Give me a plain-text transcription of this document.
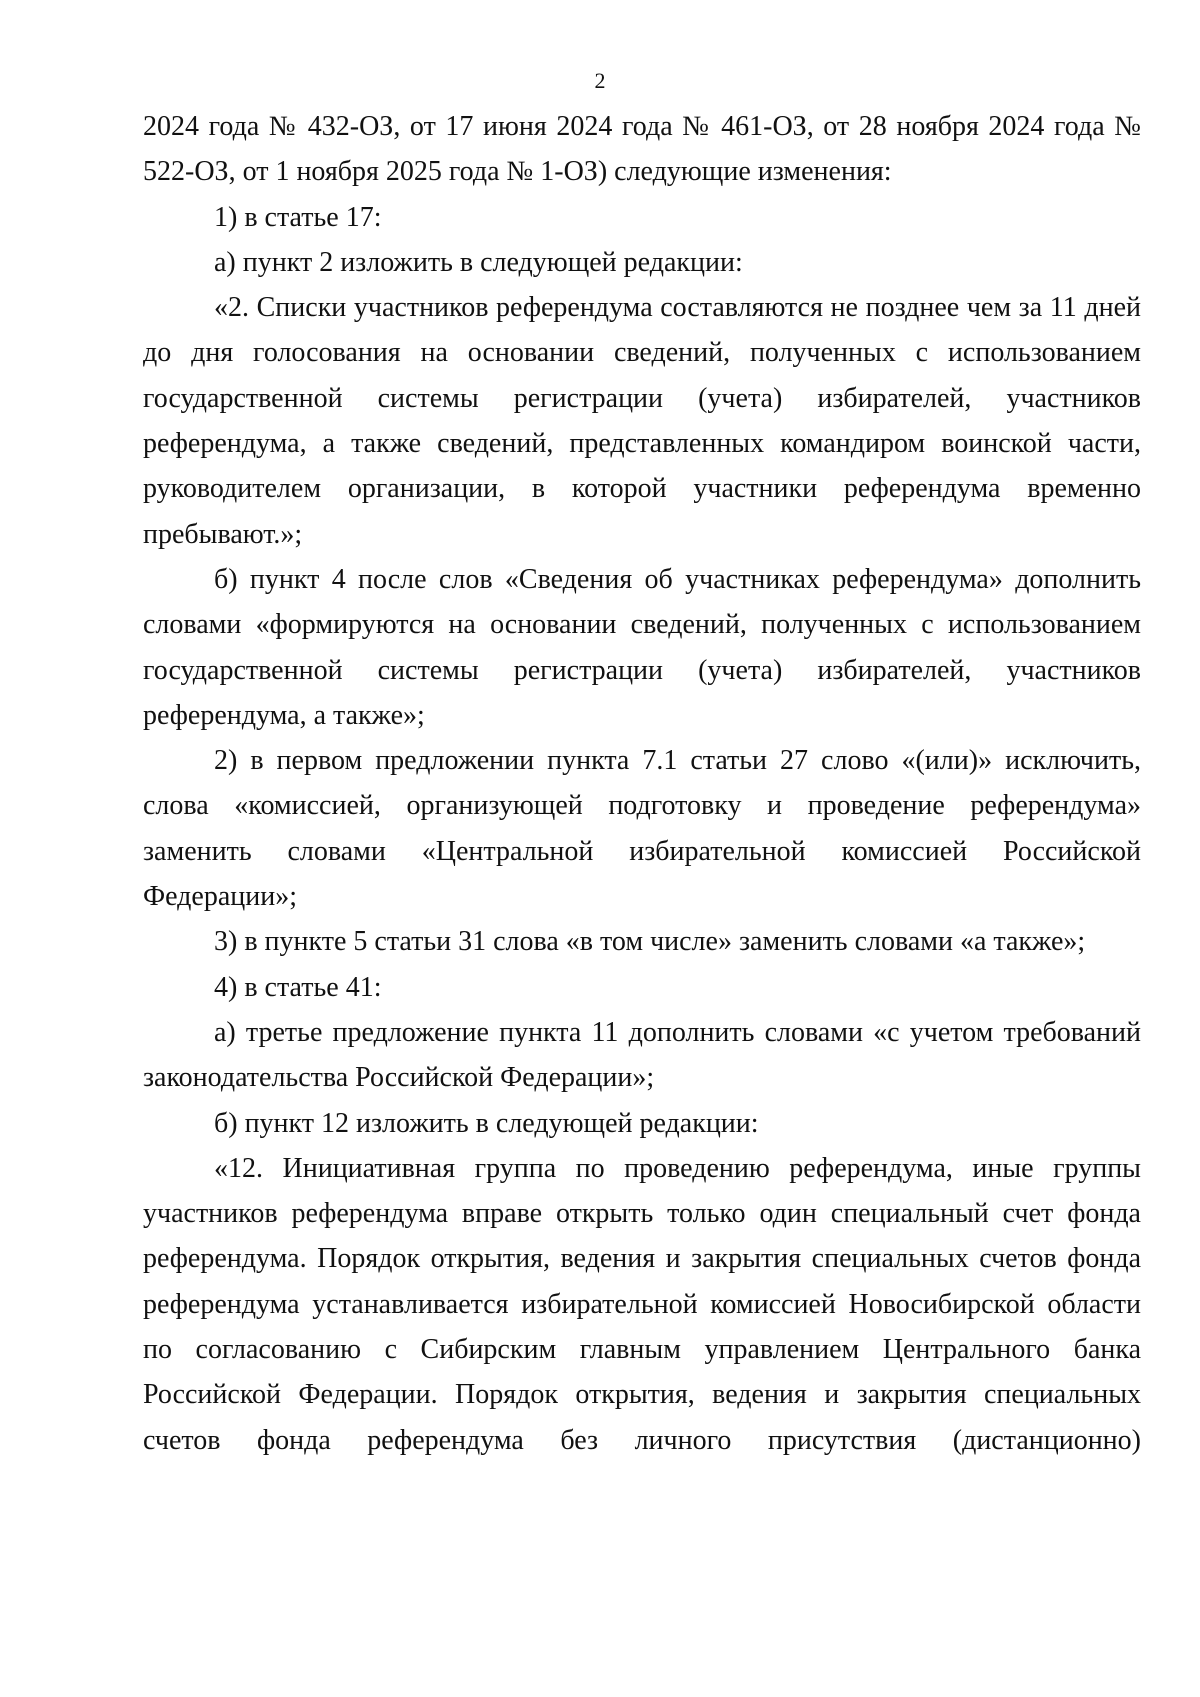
2

2024 года № 432-ОЗ, от 17 июня 2024 года № 461-ОЗ, от 28 ноября 2024 года № 522-ОЗ, от 1 ноября 2025 года № 1-ОЗ) следующие изменения:

1) в статье 17:

а) пункт 2 изложить в следующей редакции:

«2. Списки участников референдума составляются не позднее чем за 11 дней до дня голосования на основании сведений, полученных с использованием государственной системы регистрации (учета) избирателей, участников референдума, а также сведений, представленных командиром воинской части, руководителем организации, в которой участники референдума временно пребывают.»;

б) пункт 4 после слов «Сведения об участниках референдума» дополнить словами «формируются на основании сведений, полученных с использованием государственной системы регистрации (учета) избирателей, участников референдума, а также»;

2) в первом предложении пункта 7.1 статьи 27 слово «(или)» исключить, слова «комиссией, организующей подготовку и проведение референдума» заменить словами «Центральной избирательной комиссией Российской Федерации»;

3) в пункте 5 статьи 31 слова «в том числе» заменить словами «а также»;

4) в статье 41:

а) третье предложение пункта 11 дополнить словами «с учетом требований законодательства Российской Федерации»;

б) пункт 12 изложить в следующей редакции:

«12. Инициативная группа по проведению референдума, иные группы участников референдума вправе открыть только один специальный счет фонда референдума. Порядок открытия, ведения и закрытия специальных счетов фонда референдума устанавливается избирательной комиссией Новосибирской области по согласованию с Сибирским главным управлением Центрального банка Российской Федерации. Порядок открытия, ведения и закрытия специальных счетов фонда референдума без личного присутствия (дистанционно)
